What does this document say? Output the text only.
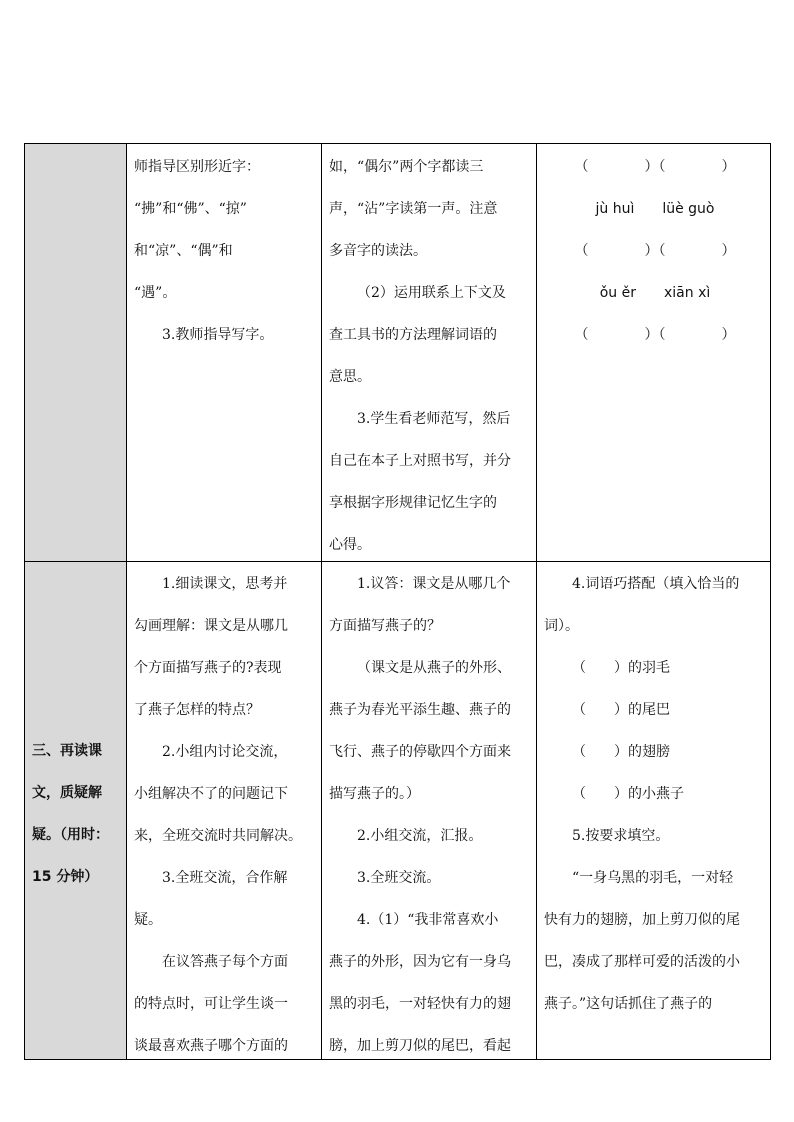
三、再读课
文，质疑解
疑。（用时：
15 分钟）
师指导区别形近字：
“拂”和“佛”、“掠”
和“凉”、“偶”和
“遇”。
3.教师指导写字。
如，“偶尔”两个字都读三
声，“沾”字读第一声。注意
多音字的读法。
（2）运用联系上下文及
查工具书的方法理解词语的
意思。
3.学生看老师范写，然后
自己在本子上对照书写，并分
享根据字形规律记忆生字的
心得。
（　　　　）（　　　　）
jù huì　　lüè guò
（　　　　）（　　　　）
ǒu ěr　　xiān xì
（　　　　）（　　　　）
1.细读课文，思考并
勾画理解：课文是从哪几
个方面描写燕子的?表现
了燕子怎样的特点？
2.小组内讨论交流，
小组解决不了的问题记下
来，全班交流时共同解决。
3.全班交流，合作解
疑。
在议答燕子每个方面
的特点时，可让学生谈一
谈最喜欢燕子哪个方面的
1.议答：课文是从哪几个
方面描写燕子的？
（课文是从燕子的外形、
燕子为春光平添生趣、燕子的
飞行、燕子的停歇四个方面来
描写燕子的。）
2.小组交流，汇报。
3.全班交流。
4.（1）“我非常喜欢小
燕子的外形，因为它有一身乌
黑的羽毛，一对轻快有力的翅
膀，加上剪刀似的尾巴，看起
4.词语巧搭配（填入恰当的
词）。
（　　）的羽毛
（　　）的尾巴
（　　）的翅膀
（　　）的小燕子
5.按要求填空。
“一身乌黑的羽毛，一对轻
快有力的翅膀，加上剪刀似的尾
巴，凑成了那样可爱的活泼的小
燕子。”这句话抓住了燕子的
